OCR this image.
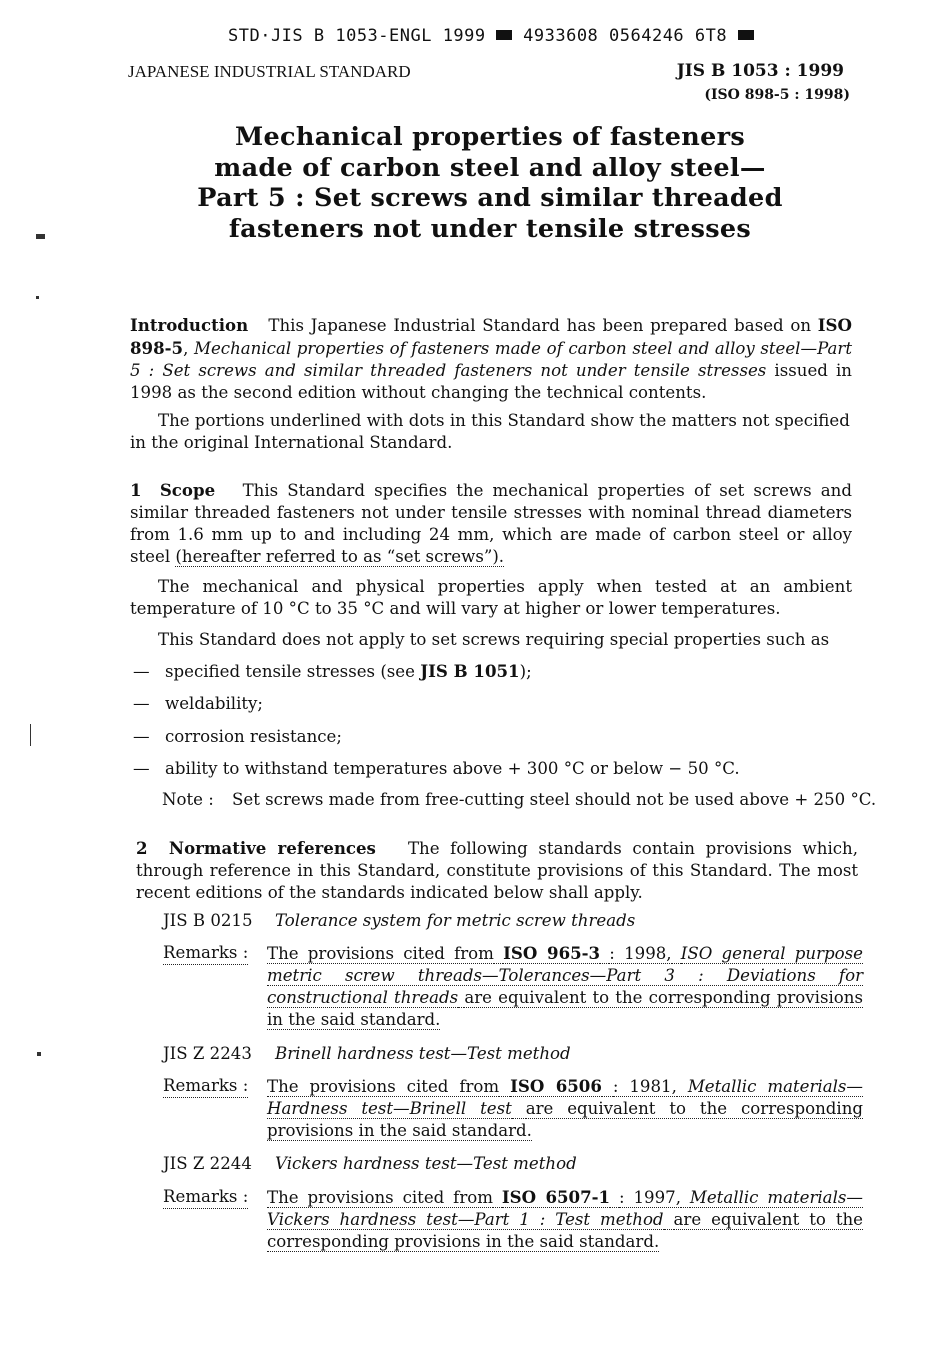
STD·JIS B 1053-ENGL 1999 4933608 0564246 6T8
JAPANESE INDUSTRIAL STANDARD	JIS B 1053 : 1999
(ISO 898-5 : 1998)
Mechanical properties of fasteners
made of carbon steel and alloy steel—
Part 5 : Set screws and similar threaded
fasteners not under tensile stresses
Introduction This Japanese Industrial Standard has been prepared based on ISO 898-5, Mechanical properties of fasteners made of carbon steel and alloy steel—Part 5 : Set screws and similar threaded fasteners not under tensile stresses issued in 1998 as the second edition without changing the technical contents.
The portions underlined with dots in this Standard show the matters not specified in the original International Standard.
1 Scope This Standard specifies the mechanical properties of set screws and similar threaded fasteners not under tensile stresses with nominal thread diameters from 1.6 mm up to and including 24 mm, which are made of carbon steel or alloy steel (hereafter referred to as “set screws”).
The mechanical and physical properties apply when tested at an ambient temperature of 10 °C to 35 °C and will vary at higher or lower temperatures.
This Standard does not apply to set screws requiring special properties such as
— specified tensile stresses (see JIS B 1051);
— weldability;
— corrosion resistance;
— ability to withstand temperatures above + 300 °C or below − 50 °C.
Note : Set screws made from free-cutting steel should not be used above + 250 °C.
2 Normative references The following standards contain provisions which, through reference in this Standard, constitute provisions of this Standard. The most recent editions of the standards indicated below shall apply.
JIS B 0215 Tolerance system for metric screw threads
Remarks : The provisions cited from ISO 965-3 : 1998, ISO general purpose metric screw threads—Tolerances—Part 3 : Deviations for constructional threads are equivalent to the corresponding provisions in the said standard.
JIS Z 2243 Brinell hardness test—Test method
Remarks : The provisions cited from ISO 6506 : 1981, Metallic materials—Hardness test—Brinell test are equivalent to the corresponding provisions in the said standard.
JIS Z 2244 Vickers hardness test—Test method
Remarks : The provisions cited from ISO 6507-1 : 1997, Metallic materials—Vickers hardness test—Part 1 : Test method are equivalent to the corresponding provisions in the said standard.
